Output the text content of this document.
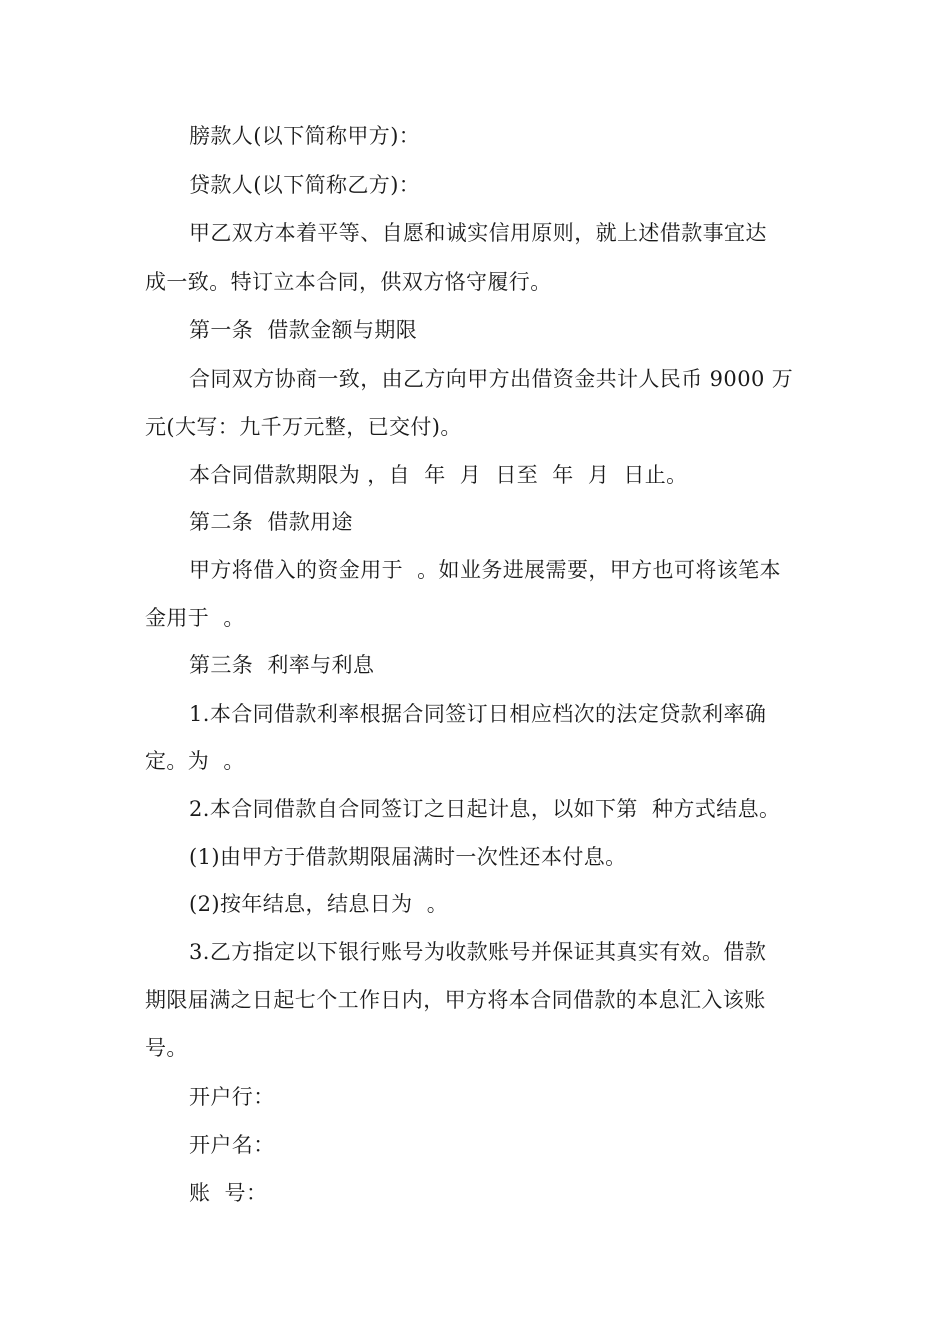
膀款人(以下简称甲方)：
贷款人(以下简称乙方)：
甲乙双方本着平等、自愿和诚实信用原则，就上述借款事宜达
成一致。特订立本合同，供双方恪守履行。
第一条  借款金额与期限
合同双方协商一致，由乙方向甲方出借资金共计人民币 9000 万
元(大写：九千万元整，已交付)。
本合同借款期限为 ，自  年  月  日至  年  月  日止。
第二条  借款用途
甲方将借入的资金用于  。如业务进展需要，甲方也可将该笔本
金用于  。
第三条  利率与利息
1.本合同借款利率根据合同签订日相应档次的法定贷款利率确
定。为  。
2.本合同借款自合同签订之日起计息，以如下第  种方式结息。
(1)由甲方于借款期限届满时一次性还本付息。
(2)按年结息，结息日为  。
3.乙方指定以下银行账号为收款账号并保证其真实有效。借款
期限届满之日起七个工作日内，甲方将本合同借款的本息汇入该账
号。
开户行：
开户名：
账  号：
